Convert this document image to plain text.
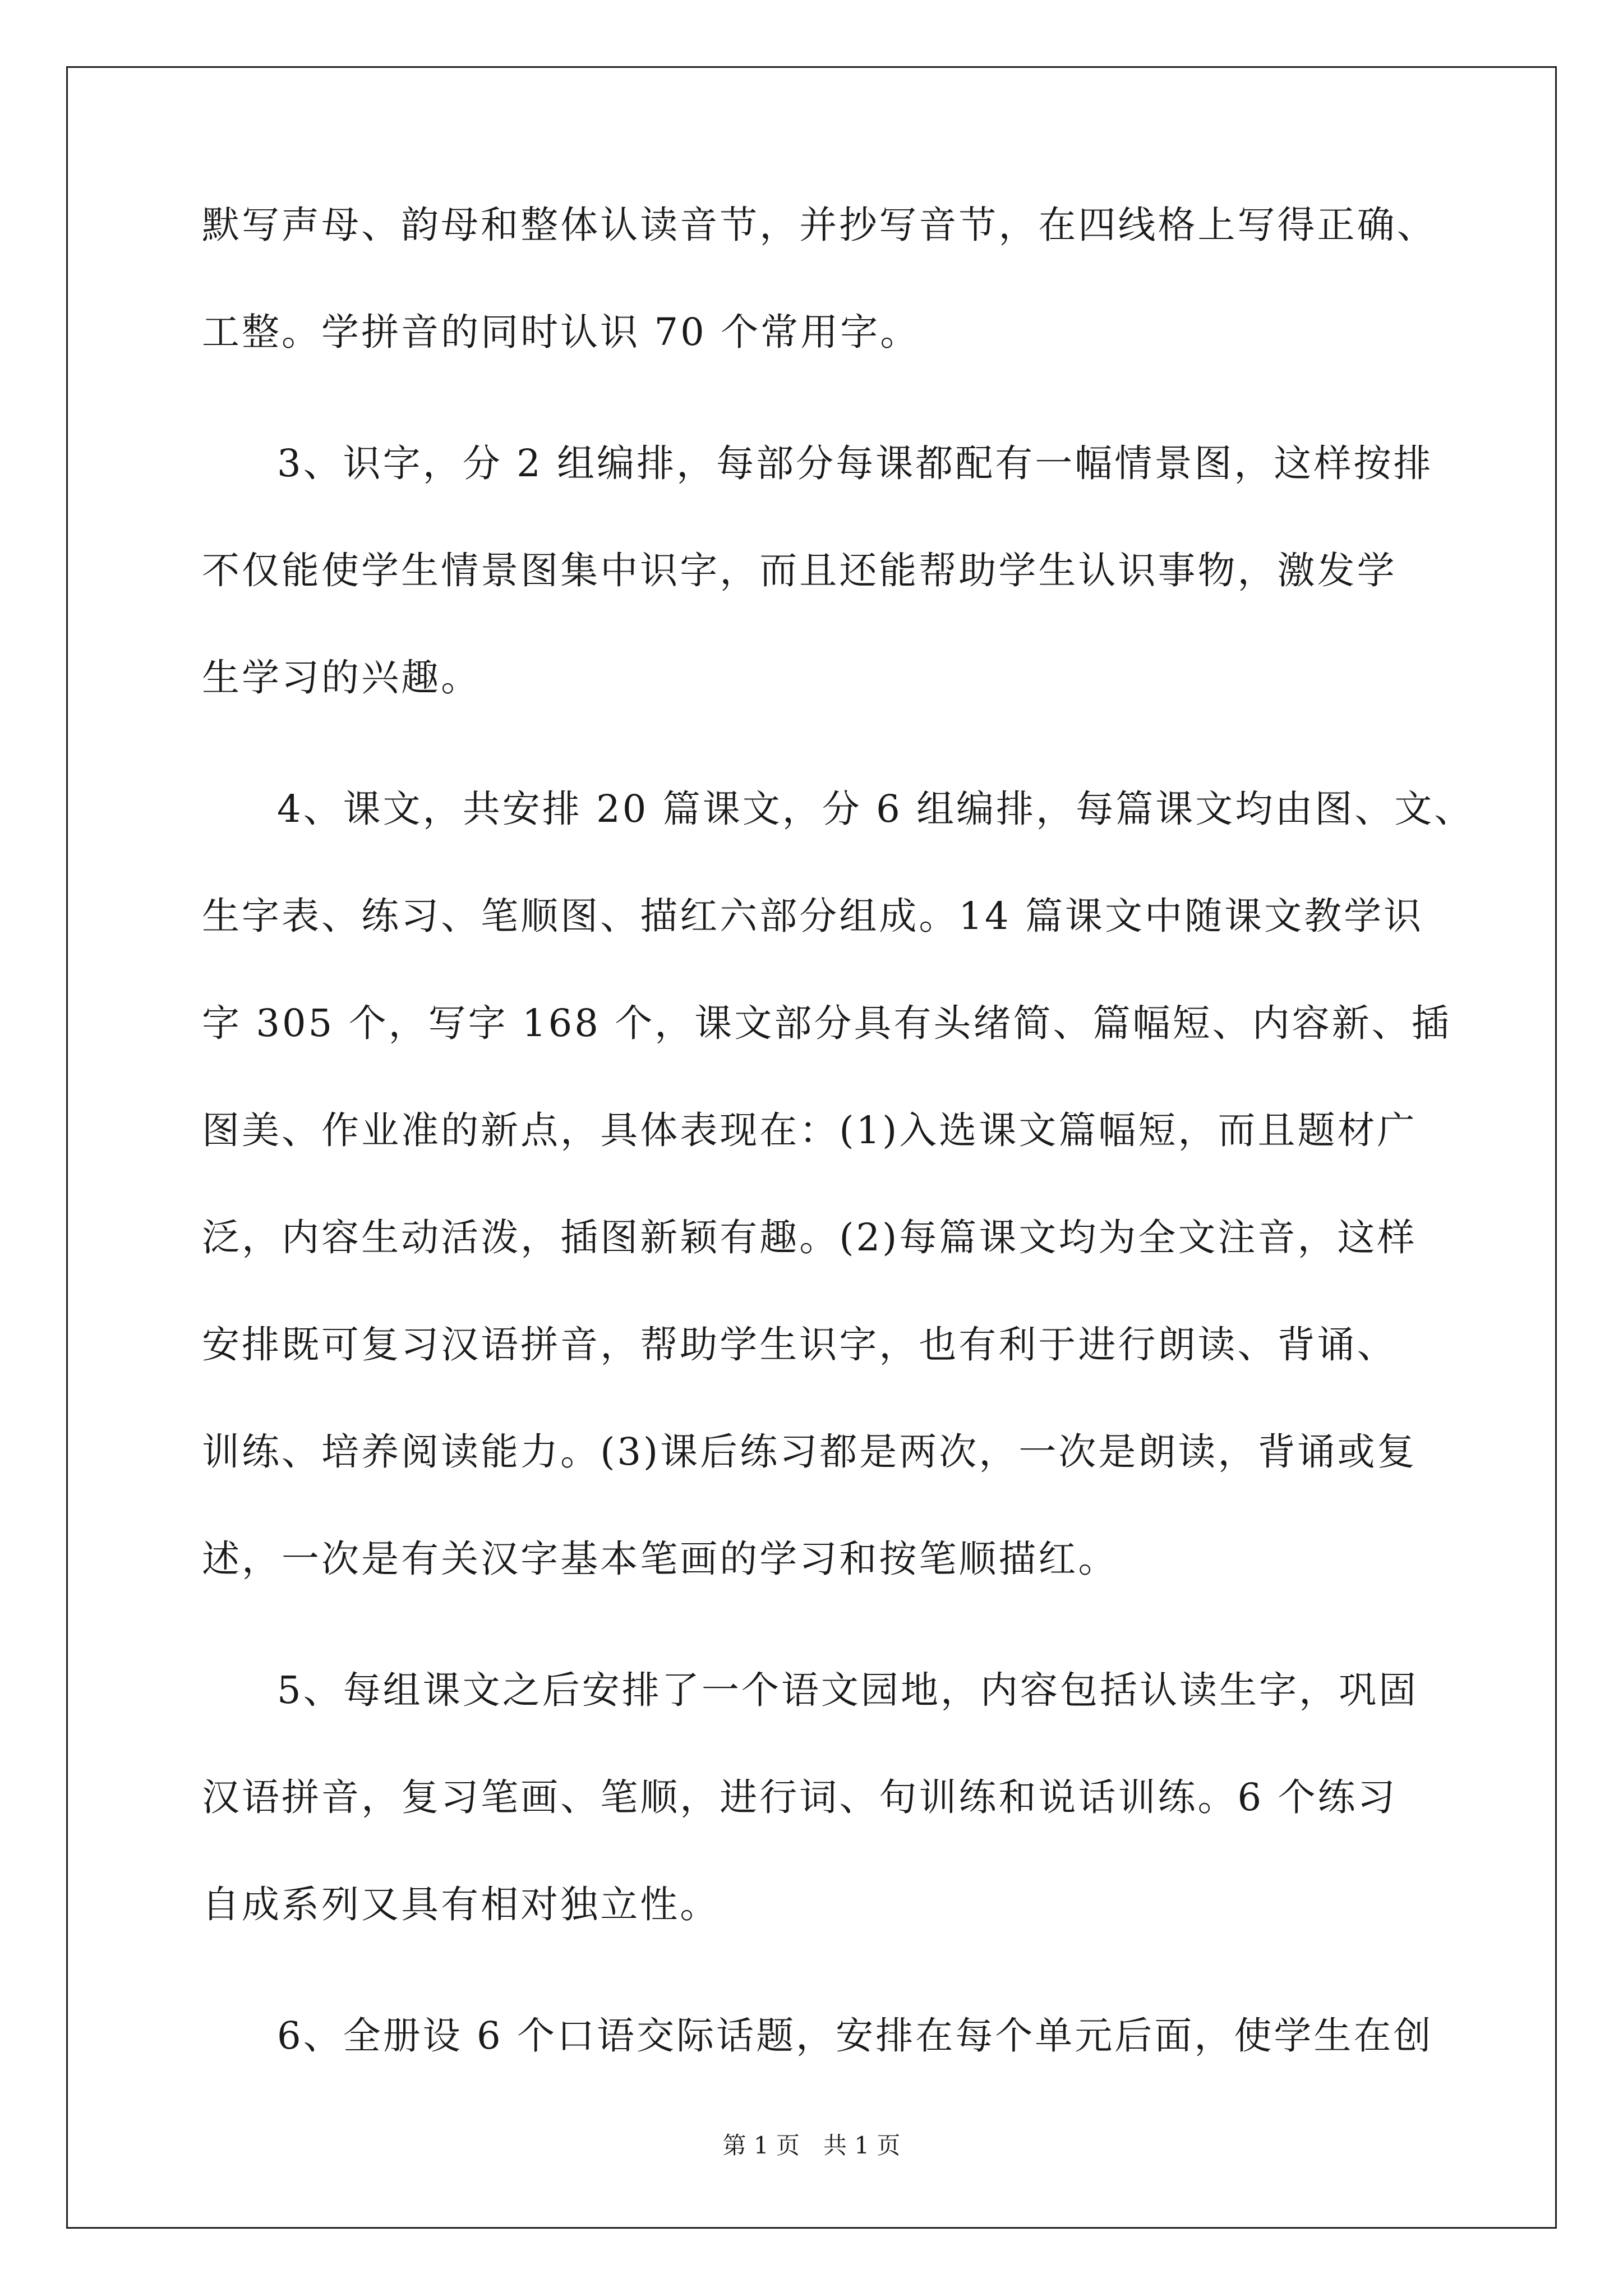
默写声母、韵母和整体认读音节，并抄写音节，在四线格上写得正确、
工整。学拼音的同时认识 70 个常用字。
3、识字，分 2 组编排，每部分每课都配有一幅情景图，这样按排
不仅能使学生情景图集中识字，而且还能帮助学生认识事物，激发学
生学习的兴趣。
4、课文，共安排 20 篇课文，分 6 组编排，每篇课文均由图、文、
生字表、练习、笔顺图、描红六部分组成。14 篇课文中随课文教学识
字 305 个，写字 168 个，课文部分具有头绪简、篇幅短、内容新、插
图美、作业准的新点，具体表现在：(1)入选课文篇幅短，而且题材广
泛，内容生动活泼，插图新颖有趣。(2)每篇课文均为全文注音，这样
安排既可复习汉语拼音，帮助学生识字，也有利于进行朗读、背诵、
训练、培养阅读能力。(3)课后练习都是两次，一次是朗读，背诵或复
述，一次是有关汉字基本笔画的学习和按笔顺描红。
5、每组课文之后安排了一个语文园地，内容包括认读生字，巩固
汉语拼音，复习笔画、笔顺，进行词、句训练和说话训练。6 个练习
自成系列又具有相对独立性。
6、全册设 6 个口语交际话题，安排在每个单元后面，使学生在创
第 1 页　共 1 页
